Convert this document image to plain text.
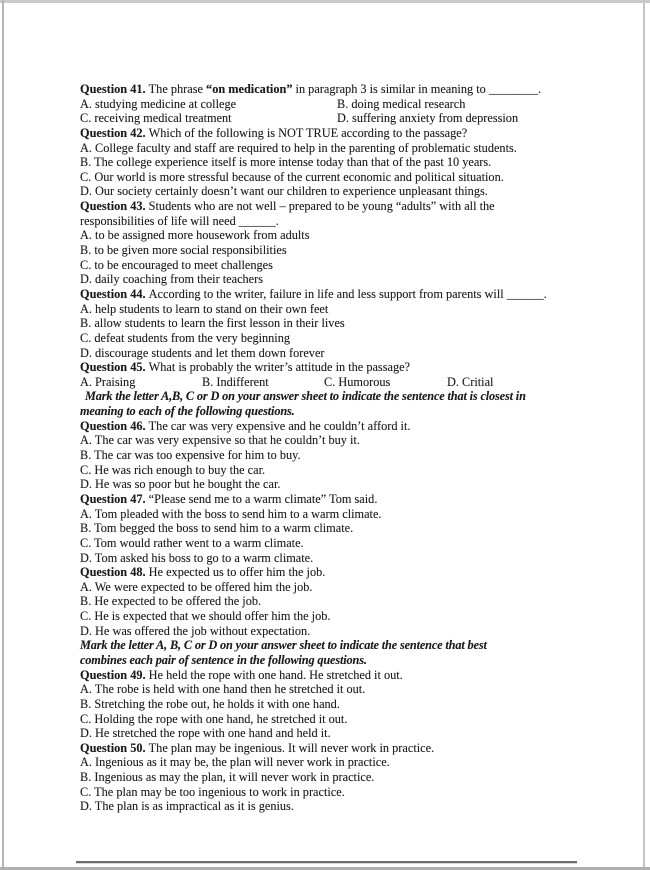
Question 41. The phrase “on medication” in paragraph 3 is similar in meaning to ________.
A. studying medicine at college	B. doing medical research
C. receiving medical treatment	D. suffering anxiety from depression
Question 42. Which of the following is NOT TRUE according to the passage?
A. College faculty and staff are required to help in the parenting of problematic students.
B. The college experience itself is more intense today than that of the past 10 years.
C. Our world is more stressful because of the current economic and political situation.
D. Our society certainly doesn’t want our children to experience unpleasant things.
Question 43. Students who are not well – prepared to be young “adults” with all the
responsibilities of life will need ______.
A. to be assigned more housework from adults
B. to be given more social responsibilities
C. to be encouraged to meet challenges
D. daily coaching from their teachers
Question 44. According to the writer, failure in life and less support from parents will ______.
A. help students to learn to stand on their own feet
B. allow students to learn the first lesson in their lives
C. defeat students from the very beginning
D. discourage students and let them down forever
Question 45. What is probably the writer’s attitude in the passage?
A. Praising	B. Indifferent	C. Humorous	D. Critial
Mark the letter A,B, C or D on your answer sheet to indicate the sentence that is closest in
meaning to each of the following questions.
Question 46. The car was very expensive and he couldn’t afford it.
A. The car was very expensive so that he couldn’t buy it.
B. The car was too expensive for him to buy.
C. He was rich enough to buy the car.
D. He was so poor but he bought the car.
Question 47. “Please send me to a warm climate” Tom said.
A. Tom pleaded with the boss to send him to a warm climate.
B. Tom begged the boss to send him to a warm climate.
C. Tom would rather went to a warm climate.
D. Tom asked his boss to go to a warm climate.
Question 48. He expected us to offer him the job.
A. We were expected to be offered him the job.
B. He expected to be offered the job.
C. He is expected that we should offer him the job.
D. He was offered the job without expectation.
Mark the letter A, B, C or D on your answer sheet to indicate the sentence that best
combines each pair of sentence in the following questions.
Question 49. He held the rope with one hand. He stretched it out.
A. The robe is held with one hand then he stretched it out.
B. Stretching the robe out, he holds it with one hand.
C. Holding the rope with one hand, he stretched it out.
D. He stretched the rope with one hand and held it.
Question 50. The plan may be ingenious. It will never work in practice.
A. Ingenious as it may be, the plan will never work in practice.
B. Ingenious as may the plan, it will never work in practice.
C. The plan may be too ingenious to work in practice.
D. The plan is as impractical as it is genius.
